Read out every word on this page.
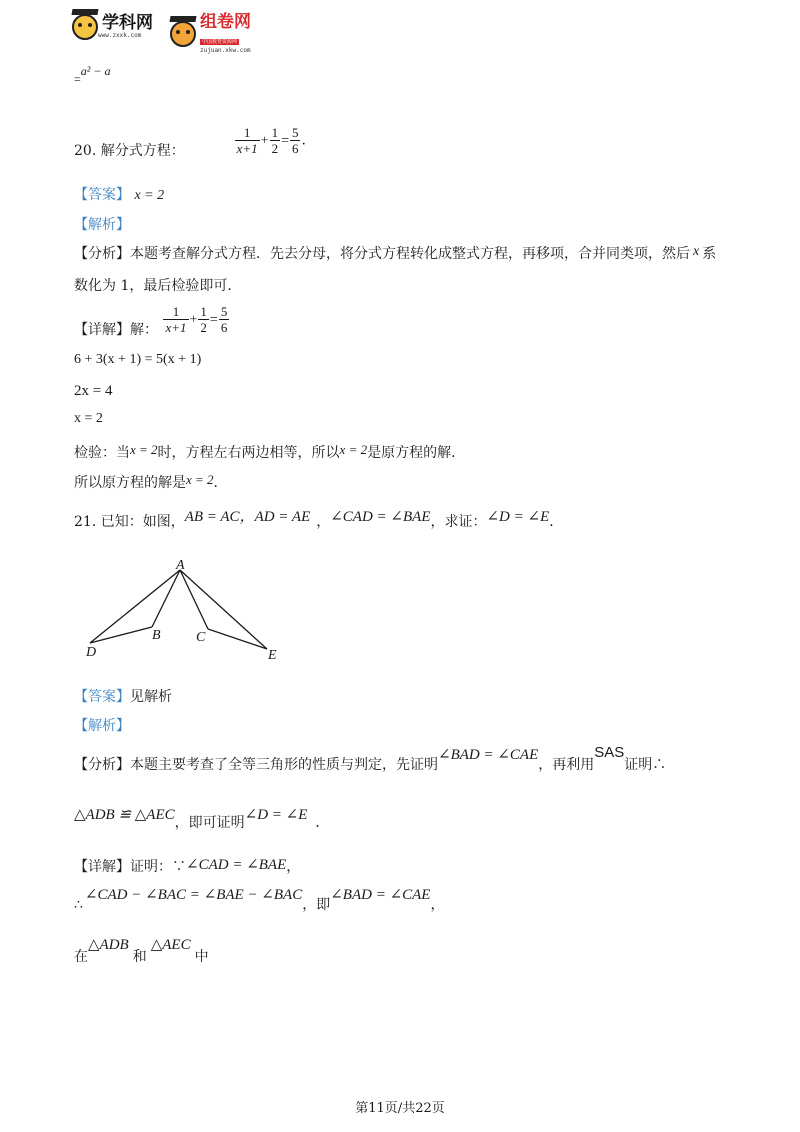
学科网
www.zxxk.com
组卷网
中国教育资源网
zujuan.xkw.com
=a² − a
20. 解分式方程：	$\frac{1}{x+1} + \frac{1}{2} = \frac{5}{6}$ .
【答案】 x = 2
【解析】
【分析】本题考查解分式方程．先去分母，将分式方程转化成整式方程，再移项，合并同类项，然后 x 系
数化为 1，最后检验即可．
【详解】解： $\frac{1}{x+1} + \frac{1}{2} = \frac{5}{6}$
6 + 3(x + 1) = 5(x + 1)
2x = 4
x = 2
检验：当x = 2时，方程左右两边相等，所以x = 2是原方程的解．
所以原方程的解是x = 2．
21. 已知：如图，AB = AC，AD = AE ，∠CAD = ∠BAE，求证：∠D = ∠E．
A
B	C
D	E
【答案】见解析
【解析】
【分析】本题主要考查了全等三角形的性质与判定，先证明∠BAD = ∠CAE，再利用SAS证明∴
△ADB ≌ △AEC，即可证明∠D = ∠E ．
【详解】证明：∵∠CAD = ∠BAE，
∴∠CAD − ∠BAC = ∠BAE − ∠BAC，即∠BAD = ∠CAE，
在△ADB和△AEC中
第11页/共22页
